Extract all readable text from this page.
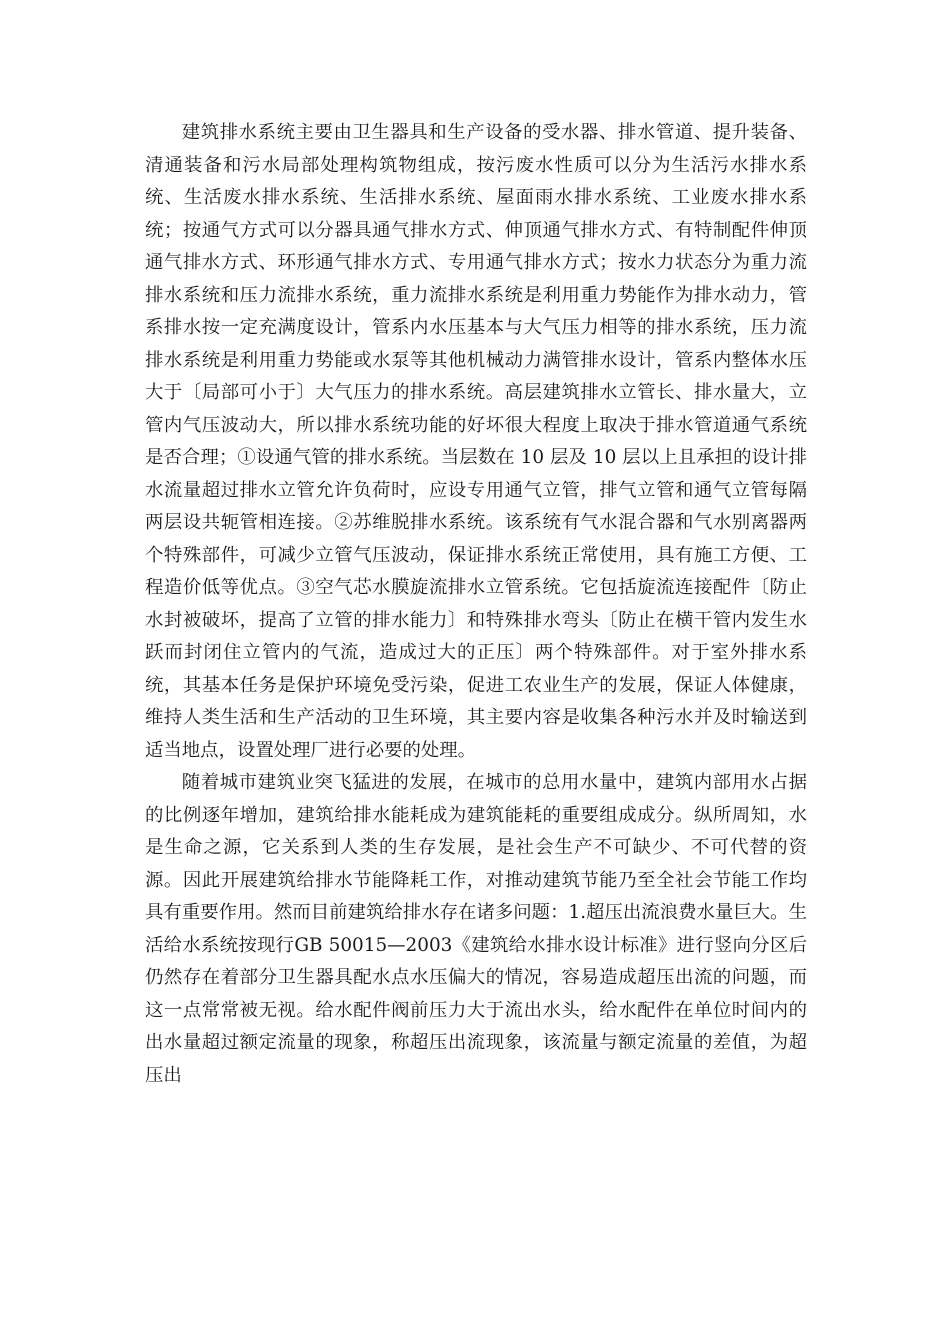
建筑排水系统主要由卫生器具和生产设备的受水器、排水管道、提升装备、清通装备和污水局部处理构筑物组成，按污废水性质可以分为生活污水排水系统、生活废水排水系统、生活排水系统、屋面雨水排水系统、工业废水排水系统；按通气方式可以分器具通气排水方式、伸顶通气排水方式、有特制配件伸顶通气排水方式、环形通气排水方式、专用通气排水方式；按水力状态分为重力流排水系统和压力流排水系统，重力流排水系统是利用重力势能作为排水动力，管系排水按一定充满度设计，管系内水压基本与大气压力相等的排水系统，压力流排水系统是利用重力势能或水泵等其他机械动力满管排水设计，管系内整体水压大于〔局部可小于〕大气压力的排水系统。高层建筑排水立管长、排水量大，立管内气压波动大，所以排水系统功能的好坏很大程度上取决于排水管道通气系统是否合理；①设通气管的排水系统。当层数在 10 层及 10 层以上且承担的设计排水流量超过排水立管允许负荷时，应设专用通气立管，排气立管和通气立管每隔两层设共轭管相连接。②苏维脱排水系统。该系统有气水混合器和气水别离器两个特殊部件，可减少立管气压波动，保证排水系统正常使用，具有施工方便、工程造价低等优点。③空气芯水膜旋流排水立管系统。它包括旋流连接配件〔防止水封被破坏，提高了立管的排水能力〕和特殊排水弯头〔防止在横干管内发生水跃而封闭住立管内的气流，造成过大的正压〕两个特殊部件。对于室外排水系统，其基本任务是保护环境免受污染，促进工农业生产的发展，保证人体健康，维持人类生活和生产活动的卫生环境，其主要内容是收集各种污水并及时输送到适当地点，设置处理厂进行必要的处理。

随着城市建筑业突飞猛进的发展，在城市的总用水量中，建筑内部用水占据的比例逐年增加，建筑给排水能耗成为建筑能耗的重要组成成分。纵所周知，水是生命之源，它关系到人类的生存发展，是社会生产不可缺少、不可代替的资源。因此开展建筑给排水节能降耗工作，对推动建筑节能乃至全社会节能工作均具有重要作用。然而目前建筑给排水存在诸多问题：1.超压出流浪费水量巨大。生活给水系统按现行GB 50015—2003《建筑给水排水设计标准》进行竖向分区后仍然存在着部分卫生器具配水点水压偏大的情况，容易造成超压出流的问题，而这一点常常被无视。给水配件阀前压力大于流出水头，给水配件在单位时间内的出水量超过额定流量的现象，称超压出流现象，该流量与额定流量的差值，为超压出
